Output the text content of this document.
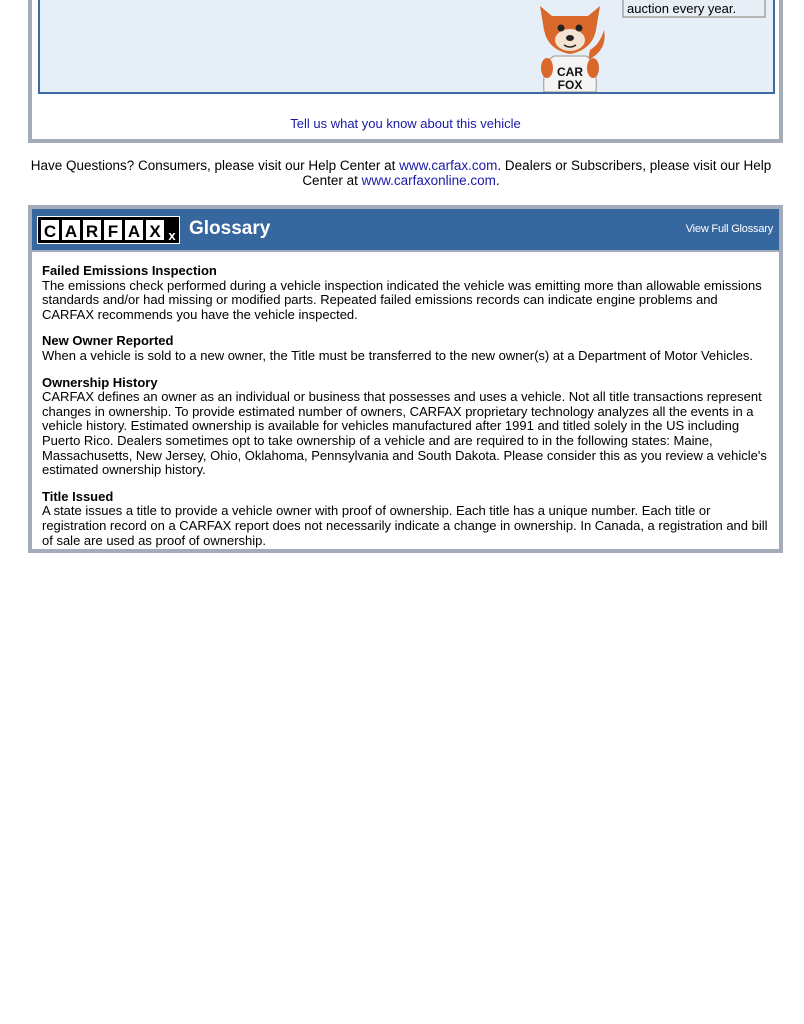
CAR
FOX
auction every year.
Tell us what you know about this vehicle
Have Questions? Consumers, please visit our Help Center at www.carfax.com. Dealers or Subscribers, please visit our Help Center at www.carfaxonline.com.
C A R F A X x Glossary	View Full Glossary
Failed Emissions Inspection
The emissions check performed during a vehicle inspection indicated the vehicle was emitting more than allowable emissions standards and/or had missing or modified parts. Repeated failed emissions records can indicate engine problems and CARFAX recommends you have the vehicle inspected.
New Owner Reported
When a vehicle is sold to a new owner, the Title must be transferred to the new owner(s) at a Department of Motor Vehicles.
Ownership History
CARFAX defines an owner as an individual or business that possesses and uses a vehicle. Not all title transactions represent changes in ownership. To provide estimated number of owners, CARFAX proprietary technology analyzes all the events in a vehicle history. Estimated ownership is available for vehicles manufactured after 1991 and titled solely in the US including Puerto Rico. Dealers sometimes opt to take ownership of a vehicle and are required to in the following states: Maine, Massachusetts, New Jersey, Ohio, Oklahoma, Pennsylvania and South Dakota. Please consider this as you review a vehicle's estimated ownership history.
Title Issued
A state issues a title to provide a vehicle owner with proof of ownership. Each title has a unique number. Each title or registration record on a CARFAX report does not necessarily indicate a change in ownership. In Canada, a registration and bill of sale are used as proof of ownership.
